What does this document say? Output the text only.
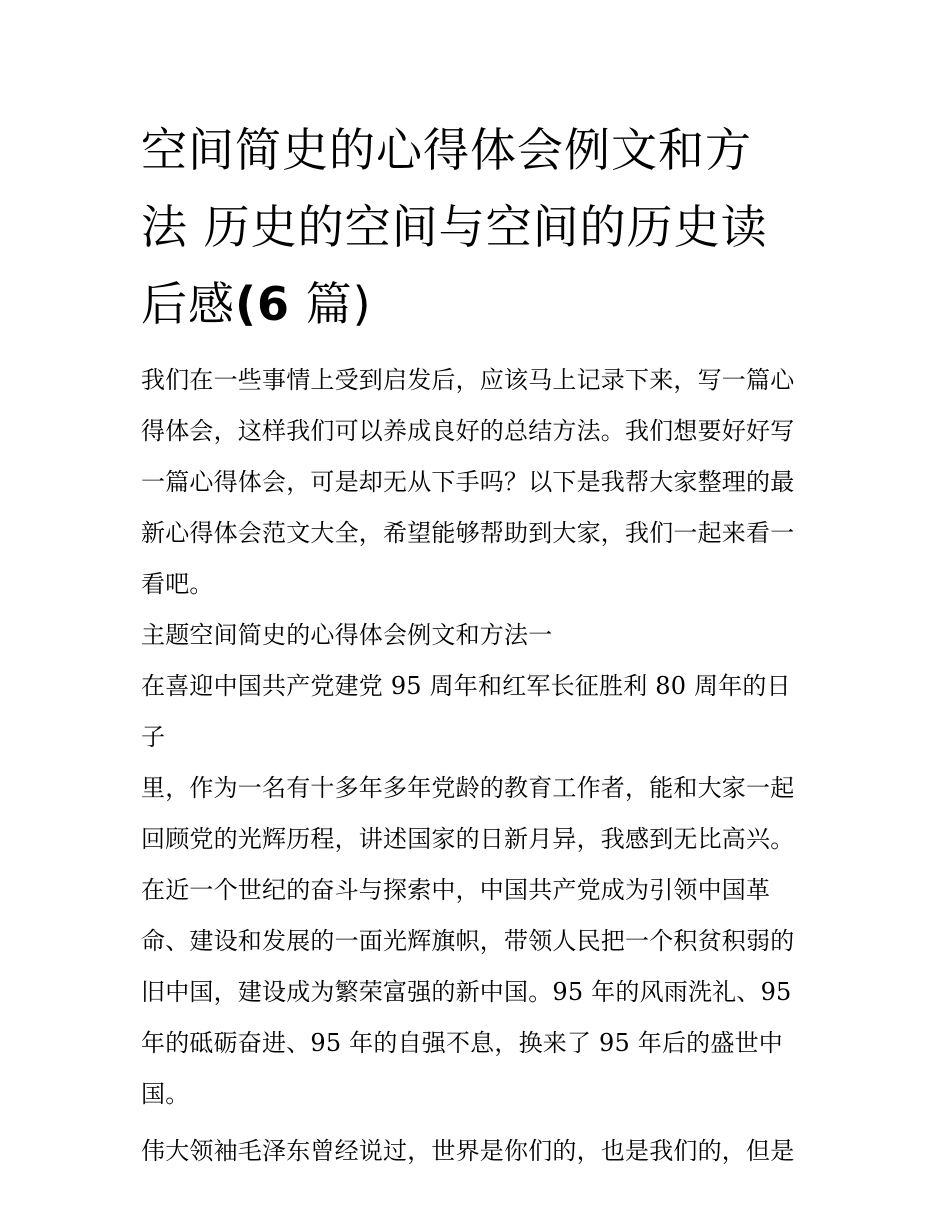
空间简史的心得体会例文和方
法 历史的空间与空间的历史读
后感(6 篇)

我们在一些事情上受到启发后，应该马上记录下来，写一篇心
得体会，这样我们可以养成良好的总结方法。我们想要好好写
一篇心得体会，可是却无从下手吗？以下是我帮大家整理的最
新心得体会范文大全，希望能够帮助到大家，我们一起来看一
看吧。

主题空间简史的心得体会例文和方法一

在喜迎中国共产党建党 95 周年和红军长征胜利 80 周年的日子
里，作为一名有十多年多年党龄的教育工作者，能和大家一起
回顾党的光辉历程，讲述国家的日新月异，我感到无比高兴。
在近一个世纪的奋斗与探索中，中国共产党成为引领中国革
命、建设和发展的一面光辉旗帜，带领人民把一个积贫积弱的
旧中国，建设成为繁荣富强的新中国。95 年的风雨洗礼、95
年的砥砺奋进、95 年的自强不息，换来了 95 年后的盛世中
国。

伟大领袖毛泽东曾经说过，世界是你们的，也是我们的，但是
